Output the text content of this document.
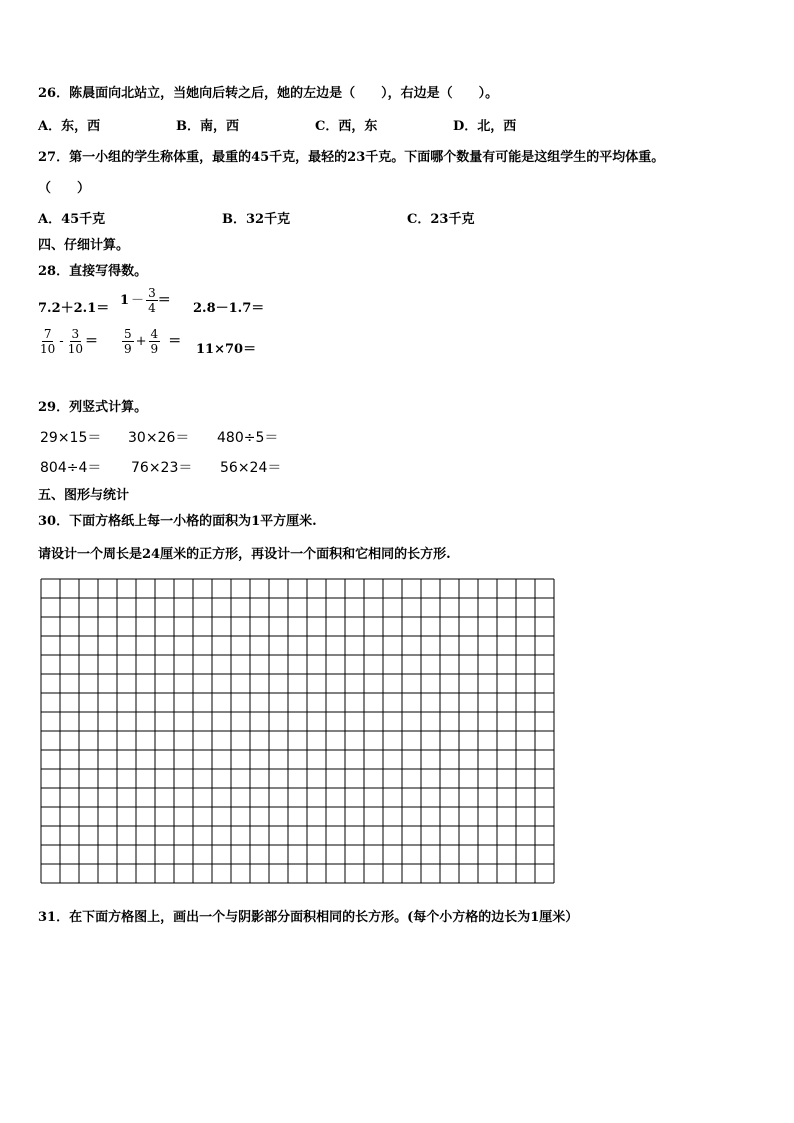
26．陈晨面向北站立，当她向后转之后，她的左边是（　　），右边是（　　）。
A．东，西	B．南，西	C．西，东	D．北，西
27．第一小组的学生称体重，最重的45千克，最轻的23千克。下面哪个数量有可能是这组学生的平均体重。
（　　）
A．45千克	B．32千克	C．23千克
四、仔细计算。
28．直接写得数。
7.2＋2.1＝
$1 - \frac{3}{4}$ ＝
2.8－1.7＝
$\frac{7}{10} - \frac{3}{10} = \frac{5}{9} + \frac{4}{9}$ ＝
11×70＝
29．列竖式计算。
29×15＝ 30×26＝ 480÷5＝
804÷4＝ 76×23＝ 56×24＝
五、图形与统计
30．下面方格纸上每一小格的面积为1平方厘米.
请设计一个周长是24厘米的正方形，再设计一个面积和它相同的长方形.
31．在下面方格图上，画出一个与阴影部分面积相同的长方形。(每个小方格的边长为1厘米）
